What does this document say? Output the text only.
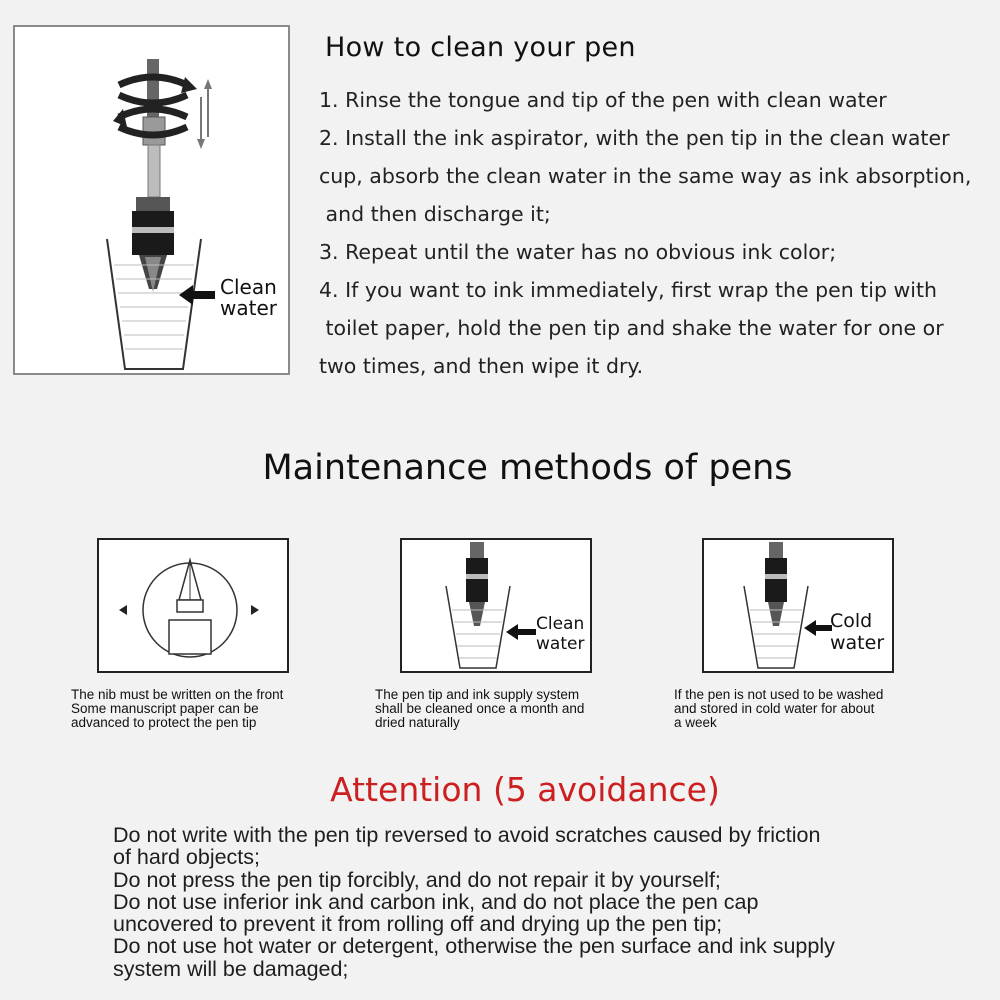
Clean
water
How to clean your pen
1. Rinse the tongue and tip of the pen with clean water
2. Install the ink aspirator, with the pen tip in the clean water
cup, absorb the clean water in the same way as ink absorption,
and then discharge it;
3. Repeat until the water has no obvious ink color;
4. If you want to ink immediately, first wrap the pen tip with
toilet paper, hold the pen tip and shake the water for one or
two times, and then wipe it dry.
Maintenance methods of pens
The nib must be written on the front
Some manuscript paper can be
advanced to protect the pen tip
Clean
water
The pen tip and ink supply system
shall be cleaned once a month and
dried naturally
Cold
water
If the pen is not used to be washed
and stored in cold water for about
a week
Attention (5 avoidance)
Do not write with the pen tip reversed to avoid scratches caused by friction
of hard objects;
Do not press the pen tip forcibly, and do not repair it by yourself;
Do not use inferior ink and carbon ink, and do not place the pen cap
uncovered to prevent it from rolling off and drying up the pen tip;
Do not use hot water or detergent, otherwise the pen surface and ink supply
system will be damaged;
